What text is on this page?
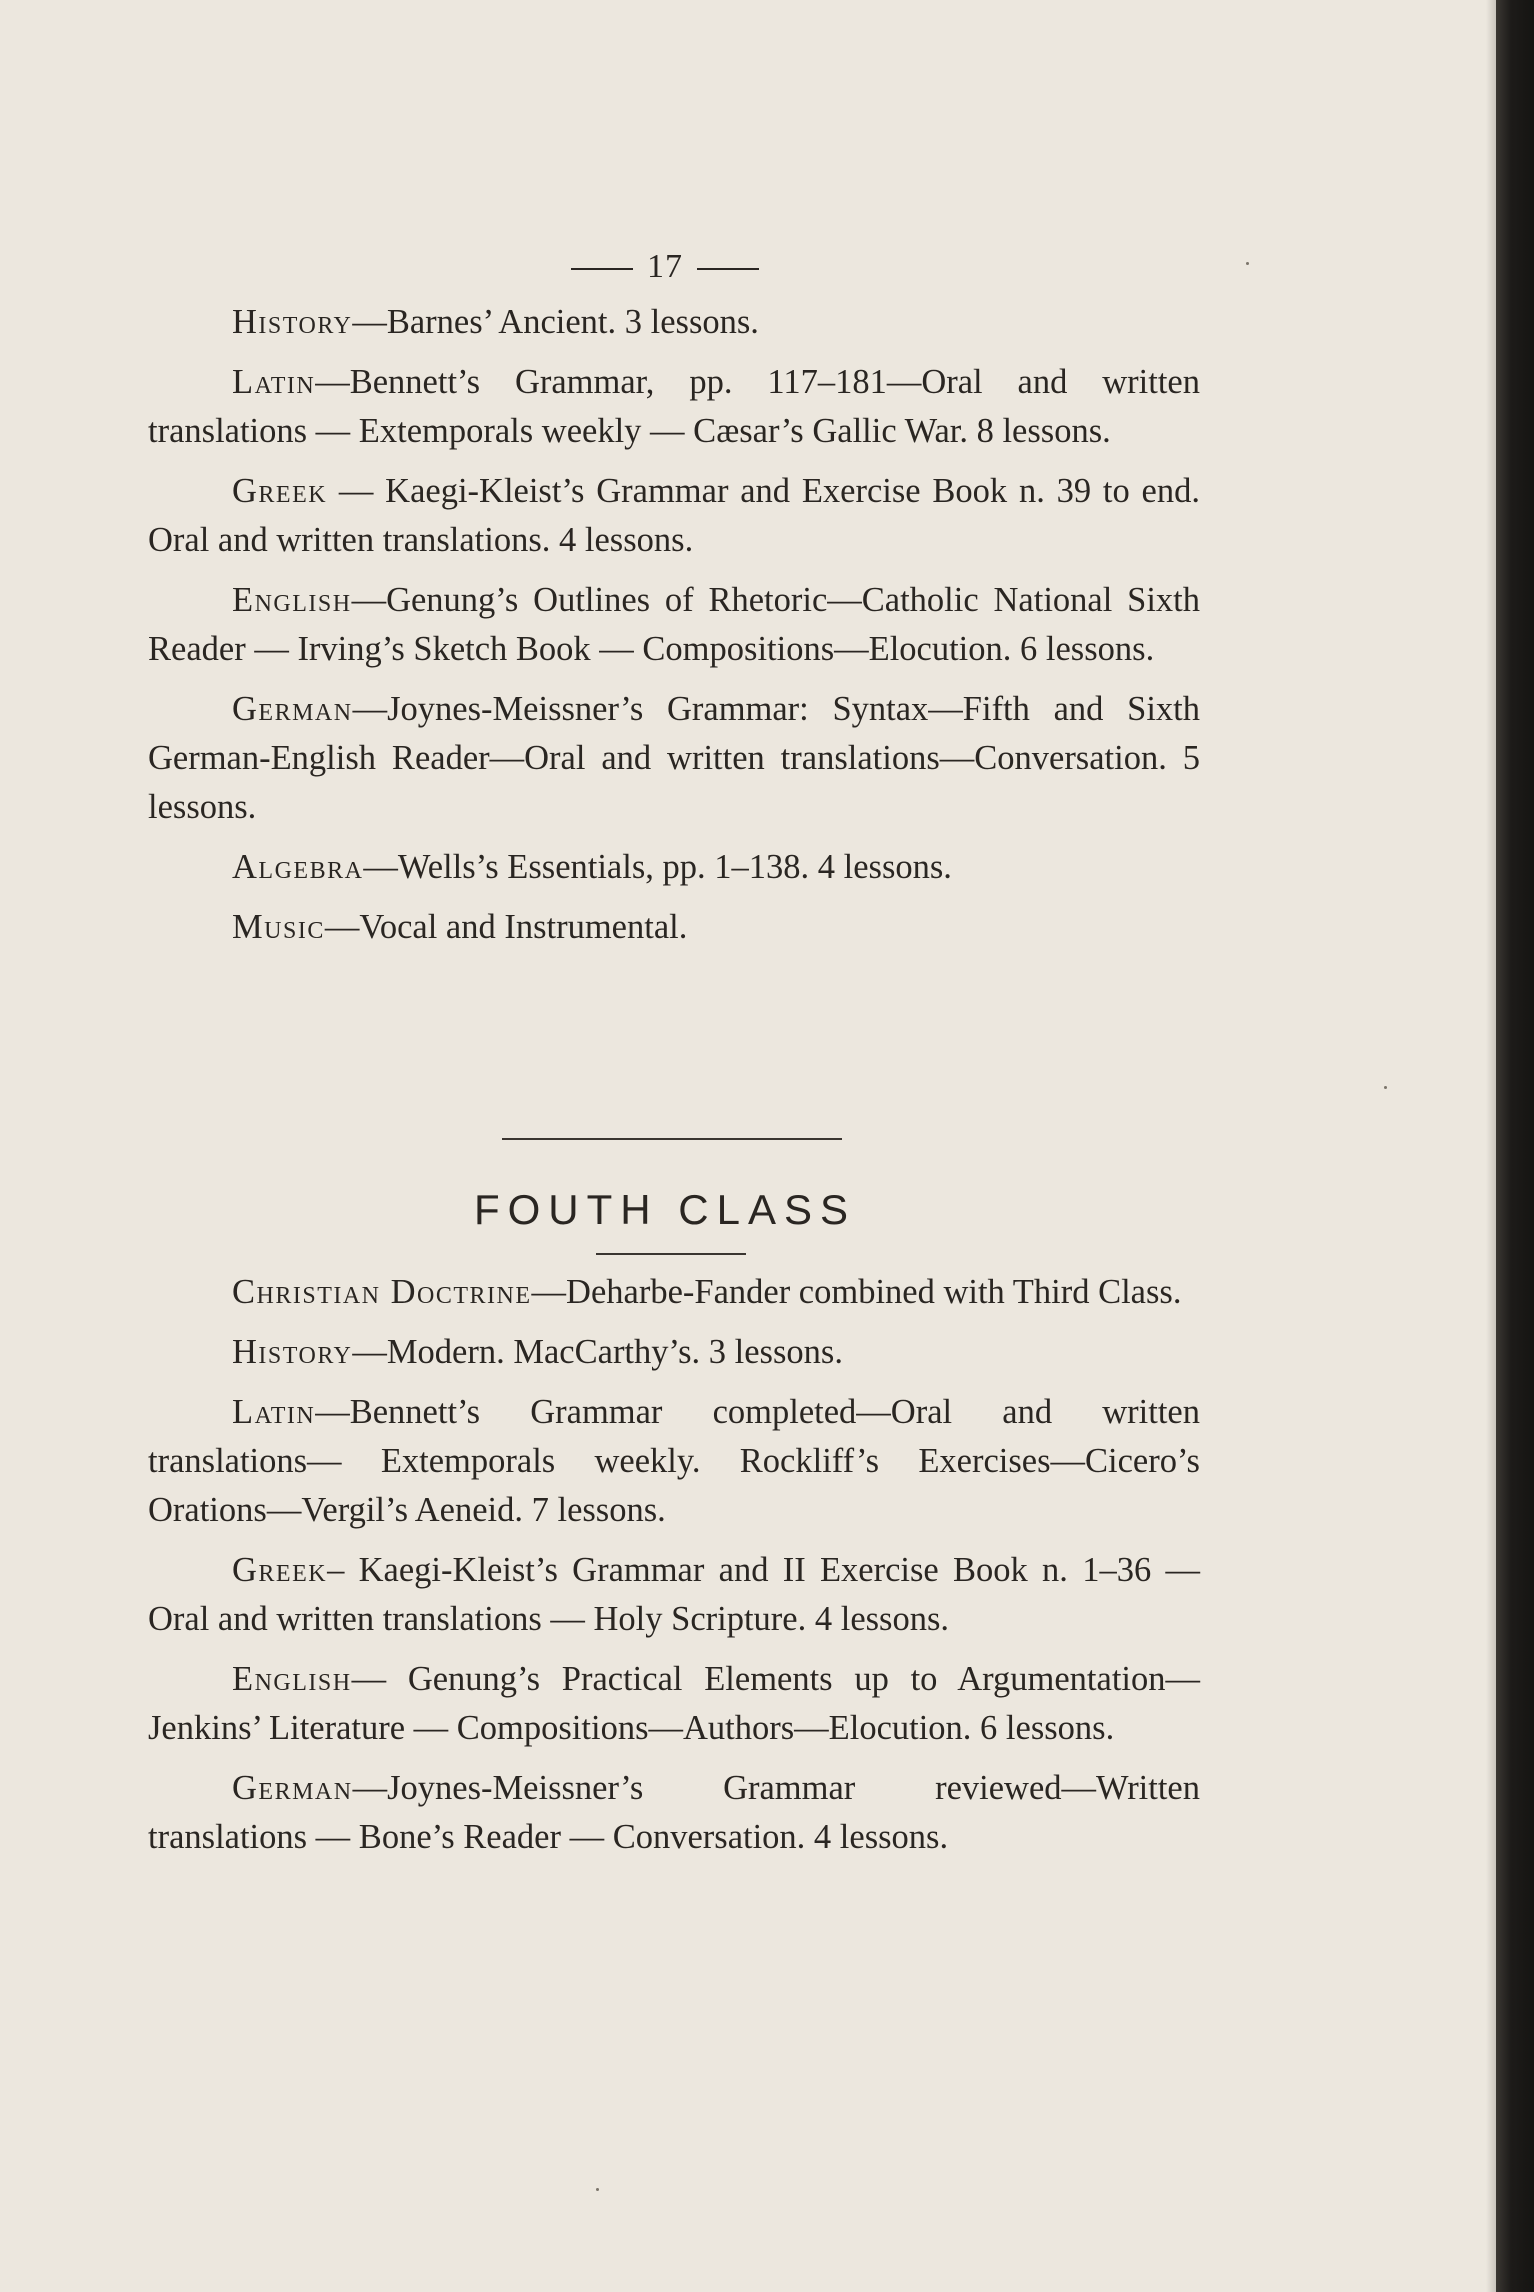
17

History—Barnes’ Ancient. 3 lessons.

Latin—Bennett’s Grammar, pp. 117–181—Oral and written translations — Extemporals weekly — Cæsar’s Gallic War. 8 lessons.

Greek — Kaegi-Kleist’s Grammar and Exercise Book n. 39 to end. Oral and written translations. 4 lessons.

English—Genung’s Outlines of Rhetoric—Catholic National Sixth Reader — Irving’s Sketch Book — Compositions—Elocution. 6 lessons.

German—Joynes-Meissner’s Grammar: Syntax—Fifth and Sixth German-English Reader—Oral and written translations—Conversation. 5 lessons.

Algebra—Wells’s Essentials, pp. 1–138. 4 lessons.

Music—Vocal and Instrumental.

FOUTH CLASS

Christian Doctrine—Deharbe-Fander combined with Third Class.

History—Modern. MacCarthy’s. 3 lessons.

Latin—Bennett’s Grammar completed—Oral and written translations— Extemporals weekly. Rockliff’s Exercises—Cicero’s Orations—Vergil’s Aeneid. 7 lessons.

Greek– Kaegi-Kleist’s Grammar and II Exercise Book n. 1–36 — Oral and written translations — Holy Scripture. 4 lessons.

English— Genung’s Practical Elements up to Argumentation— Jenkins’ Literature — Compositions—Authors—Elocution. 6 lessons.

German—Joynes-Meissner’s Grammar reviewed—Written translations — Bone’s Reader — Conversation. 4 lessons.
